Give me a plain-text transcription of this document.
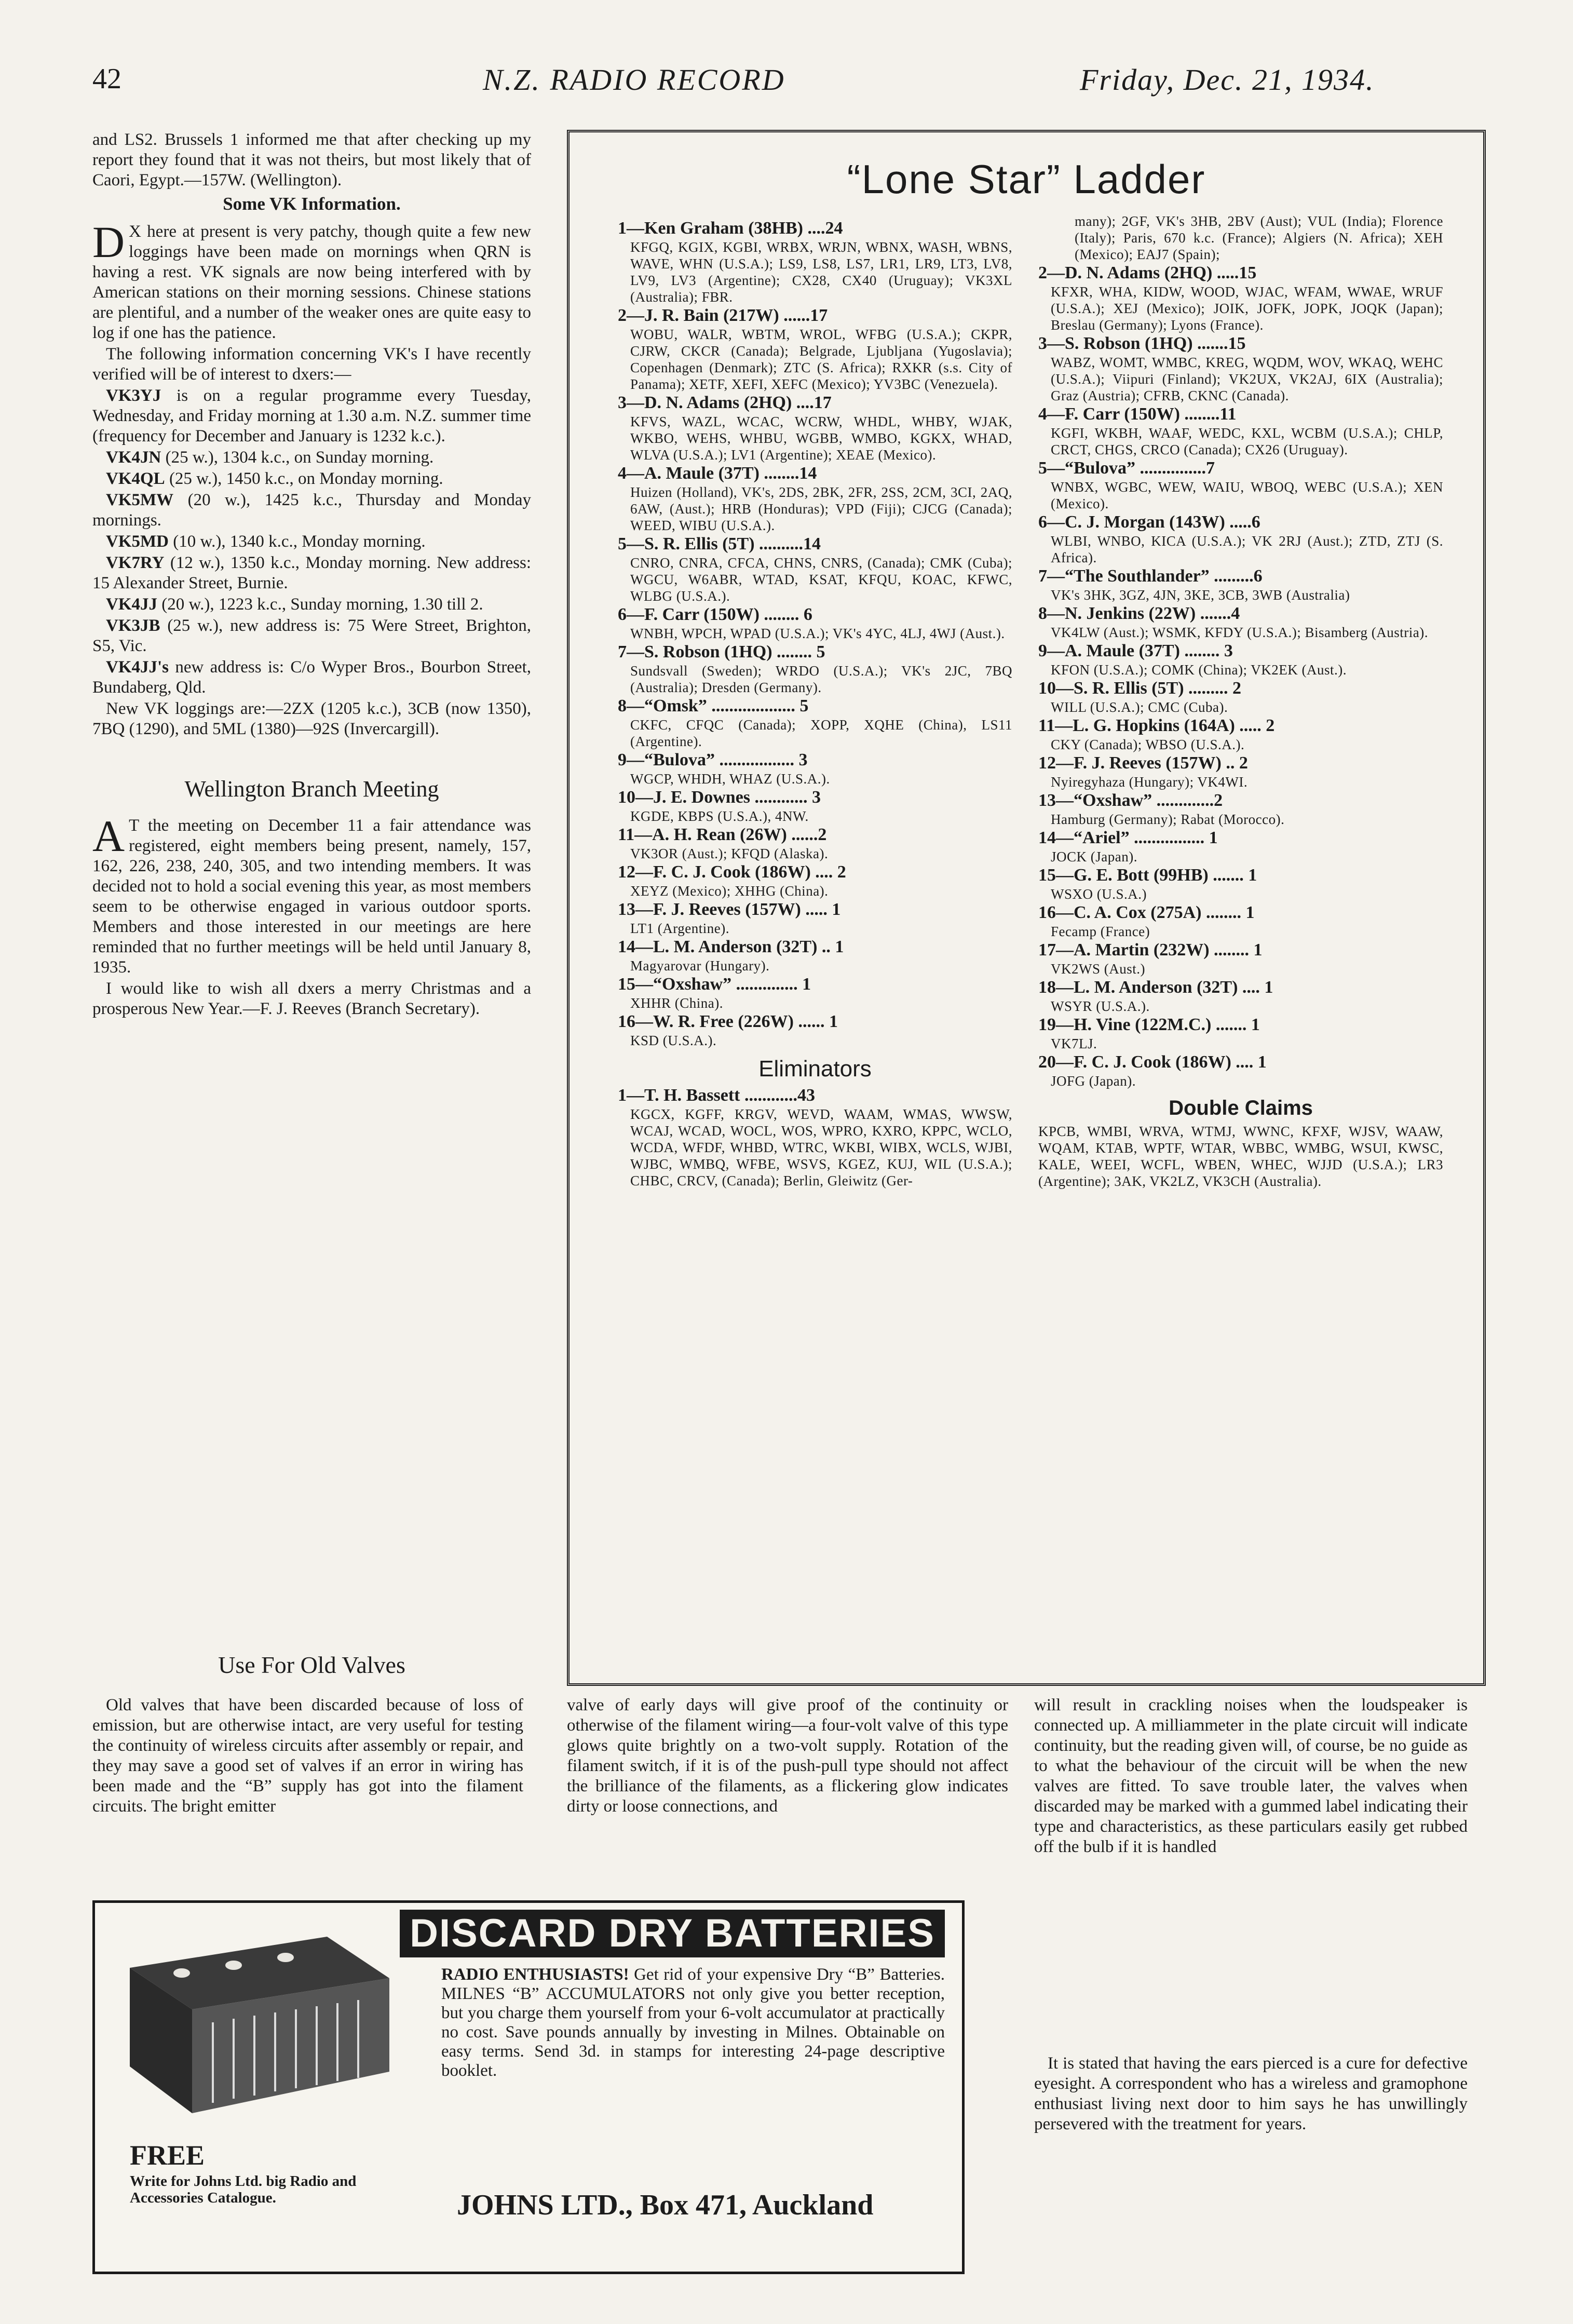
42	N.Z. RADIO RECORD	Friday, Dec. 21, 1934.

and LS2. Brussels 1 informed me that after checking up my report they found that it was not theirs, but most likely that of Caori, Egypt.—157W. (Wellington).

Some VK Information.

D X here at present is very patchy, though quite a few new loggings have been made on mornings when QRN is having a rest. VK signals are now being interfered with by American stations on their morning sessions. Chinese stations are plentiful, and a number of the weaker ones are quite easy to log if one has the patience.

The following information concerning VK's I have recently verified will be of interest to dxers:—

VK3YJ is on a regular programme every Tuesday, Wednesday, and Friday morning at 1.30 a.m. N.Z. summer time (frequency for December and January is 1232 k.c.).

VK4JN (25 w.), 1304 k.c., on Sunday morning.

VK4QL (25 w.), 1450 k.c., on Monday morning.

VK5MW (20 w.), 1425 k.c., Thursday and Monday mornings.

VK5MD (10 w.), 1340 k.c., Monday morning.

VK7RY (12 w.), 1350 k.c., Monday morning. New address: 15 Alexander Street, Burnie.

VK4JJ (20 w.), 1223 k.c., Sunday morning, 1.30 till 2.

VK3JB (25 w.), new address is: 75 Were Street, Brighton, S5, Vic.

VK4JJ's new address is: C/o Wyper Bros., Bourbon Street, Bundaberg, Qld.

New VK loggings are:—2ZX (1205 k.c.), 3CB (now 1350), 7BQ (1290), and 5ML (1380)—92S (Invercargill).

Wellington Branch Meeting

A T the meeting on December 11 a fair attendance was registered, eight members being present, namely, 157, 162, 226, 238, 240, 305, and two intending members. It was decided not to hold a social evening this year, as most members seem to be otherwise engaged in various outdoor sports. Members and those interested in our meetings are here reminded that no further meetings will be held until January 8, 1935.

I would like to wish all dxers a merry Christmas and a prosperous New Year.—F. J. Reeves (Branch Secretary).

“Lone Star” Ladder
1—Ken Graham (38HB) ....24
KFGQ, KGIX, KGBI, WRBX, WRJN, WBNX, WASH, WBNS, WAVE, WHN (U.S.A.); LS9, LS8, LS7, LR1, LR9, LT3, LV8, LV9, LV3 (Argentine); CX28, CX40 (Uruguay); VK3XL (Australia); FBR.
2—J. R. Bain (217W) ......17
WOBU, WALR, WBTM, WROL, WFBG (U.S.A.); CKPR, CJRW, CKCR (Canada); Belgrade, Ljubljana (Yugoslavia); Copenhagen (Denmark); ZTC (S. Africa); RXKR (s.s. City of Panama); XETF, XEFI, XEFC (Mexico); YV3BC (Venezuela).
3—D. N. Adams (2HQ) ....17
KFVS, WAZL, WCAC, WCRW, WHDL, WHBY, WJAK, WKBO, WEHS, WHBU, WGBB, WMBO, KGKX, WHAD, WLVA (U.S.A.); LV1 (Argentine); XEAE (Mexico).
4—A. Maule (37T) ........14
Huizen (Holland), VK's, 2DS, 2BK, 2FR, 2SS, 2CM, 3CI, 2AQ, 6AW, (Aust.); HRB (Honduras); VPD (Fiji); CJCG (Canada); WEED, WIBU (U.S.A.).
5—S. R. Ellis (5T) ..........14
CNRO, CNRA, CFCA, CHNS, CNRS, (Canada); CMK (Cuba); WGCU, W6ABR, WTAD, KSAT, KFQU, KOAC, KFWC, WLBG (U.S.A.).
6—F. Carr (150W) ........ 6
WNBH, WPCH, WPAD (U.S.A.); VK's 4YC, 4LJ, 4WJ (Aust.).
7—S. Robson (1HQ) ........ 5
Sundsvall (Sweden); WRDO (U.S.A.); VK's 2JC, 7BQ (Australia); Dresden (Germany).
8—“Omsk” ................... 5
CKFC, CFQC (Canada); XOPP, XQHE (China), LS11 (Argentine).
9—“Bulova” ................. 3
WGCP, WHDH, WHAZ (U.S.A.).
10—J. E. Downes ............ 3
KGDE, KBPS (U.S.A.), 4NW.
11—A. H. Rean (26W) ......2
VK3OR (Aust.); KFQD (Alaska).
12—F. C. J. Cook (186W) .... 2
XEYZ (Mexico); XHHG (China).
13—F. J. Reeves (157W) ..... 1
LT1 (Argentine).
14—L. M. Anderson (32T) .. 1
Magyarovar (Hungary).
15—“Oxshaw” .............. 1
XHHR (China).
16—W. R. Free (226W) ...... 1
KSD (U.S.A.).
Eliminators
1—T. H. Bassett ............43
KGCX, KGFF, KRGV, WEVD, WAAM, WMAS, WWSW, WCAJ, WCAD, WOCL, WOS, WPRO, KXRO, KPPC, WCLO, WCDA, WFDF, WHBD, WTRC, WKBI, WIBX, WCLS, WJBI, WJBC, WMBQ, WFBE, WSVS, KGEZ, KUJ, WIL (U.S.A.); CHBC, CRCV, (Canada); Berlin, Gleiwitz (Ger-
many); 2GF, VK's 3HB, 2BV (Aust); VUL (India); Florence (Italy); Paris, 670 k.c. (France); Algiers (N. Africa); XEH (Mexico); EAJ7 (Spain);
2—D. N. Adams (2HQ) .....15
KFXR, WHA, KIDW, WOOD, WJAC, WFAM, WWAE, WRUF (U.S.A.); XEJ (Mexico); JOIK, JOFK, JOPK, JOQK (Japan); Breslau (Germany); Lyons (France).
3—S. Robson (1HQ) .......15
WABZ, WOMT, WMBC, KREG, WQDM, WOV, WKAQ, WEHC (U.S.A.); Viipuri (Finland); VK2UX, VK2AJ, 6IX (Australia); Graz (Austria); CFRB, CKNC (Canada).
4—F. Carr (150W) ........11
KGFI, WKBH, WAAF, WEDC, KXL, WCBM (U.S.A.); CHLP, CRCT, CHGS, CRCO (Canada); CX26 (Uruguay).
5—“Bulova” ...............7
WNBX, WGBC, WEW, WAIU, WBOQ, WEBC (U.S.A.); XEN (Mexico).
6—C. J. Morgan (143W) .....6
WLBI, WNBO, KICA (U.S.A.); VK 2RJ (Aust.); ZTD, ZTJ (S. Africa).
7—“The Southlander” .........6
VK's 3HK, 3GZ, 4JN, 3KE, 3CB, 3WB (Australia)
8—N. Jenkins (22W) .......4
VK4LW (Aust.); WSMK, KFDY (U.S.A.); Bisamberg (Austria).
9—A. Maule (37T) ........ 3
KFON (U.S.A.); COMK (China); VK2EK (Aust.).
10—S. R. Ellis (5T) ......... 2
WILL (U.S.A.); CMC (Cuba).
11—L. G. Hopkins (164A) ..... 2
CKY (Canada); WBSO (U.S.A.).
12—F. J. Reeves (157W) .. 2
Nyiregyhaza (Hungary); VK4WI.
13—“Oxshaw” .............2
Hamburg (Germany); Rabat (Morocco).
14—“Ariel” ................ 1
JOCK (Japan).
15—G. E. Bott (99HB) ....... 1
WSXO (U.S.A.)
16—C. A. Cox (275A) ........ 1
Fecamp (France)
17—A. Martin (232W) ........ 1
VK2WS (Aust.)
18—L. M. Anderson (32T) .... 1
WSYR (U.S.A.).
19—H. Vine (122M.C.) ....... 1
VK7LJ.
20—F. C. J. Cook (186W) .... 1
JOFG (Japan).
Double Claims
KPCB, WMBI, WRVA, WTMJ, WWNC, KFXF, WJSV, WAAW, WQAM, KTAB, WPTF, WTAR, WBBC, WMBG, WSUI, KWSC, KALE, WEEI, WCFL, WBEN, WHEC, WJJD (U.S.A.); LR3 (Argentine); 3AK, VK2LZ, VK3CH (Australia).
Use For Old Valves

Old valves that have been discarded because of loss of emission, but are otherwise intact, are very useful for testing the continuity of wireless circuits after assembly or repair, and they may save a good set of valves if an error in wiring has been made and the “B” supply has got into the filament circuits. The bright emitter

valve of early days will give proof of the continuity or otherwise of the filament wiring—a four-volt valve of this type glows quite brightly on a two-volt supply. Rotation of the filament switch, if it is of the push-pull type should not affect the brilliance of the filaments, as a flickering glow indicates dirty or loose connections, and

will result in crackling noises when the loudspeaker is connected up. A milliammeter in the plate circuit will indicate continuity, but the reading given will, of course, be no guide as to what the behaviour of the circuit will be when the new valves are fitted. To save trouble later, the valves when discarded may be marked with a gummed label indicating their type and characteristics, as these particulars easily get rubbed off the bulb if it is handled

It is stated that having the ears pierced is a cure for defective eyesight. A correspondent who has a wireless and gramophone enthusiast living next door to him says he has unwillingly persevered with the treatment for years.

DISCARD DRY BATTERIES
RADIO ENTHUSIASTS! Get rid of your expensive Dry “B” Batteries. MILNES “B” ACCUMULATORS not only give you better reception, but you charge them yourself from your 6-volt accumulator at practically no cost. Save pounds annually by investing in Milnes. Obtainable on easy terms. Send 3d. in stamps for interesting 24-page descriptive booklet.
FREE
Write for Johns Ltd. big Radio and Accessories Catalogue.	JOHNS LTD., Box 471, Auckland
